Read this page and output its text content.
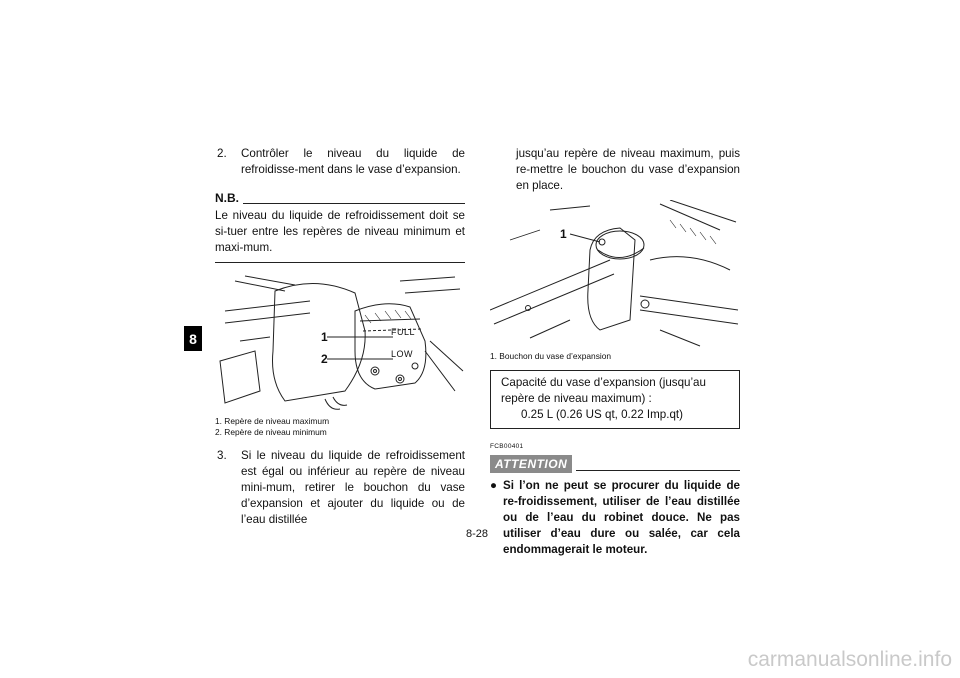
8
2.	Contrôler le niveau du liquide de refroidisse-ment dans le vase d’expansion.
N.B.
Le niveau du liquide de refroidissement doit se si-tuer entre les repères de niveau minimum et maxi-mum.
1
2
FULL
LOW
1. Repère de niveau maximum
2. Repère de niveau minimum
3.	Si le niveau du liquide de refroidissement est égal ou inférieur au repère de niveau mini-mum, retirer le bouchon du vase d’expansion et ajouter du liquide ou de l’eau distillée
jusqu’au repère de niveau maximum, puis re-mettre le bouchon du vase d’expansion en place.
1
1. Bouchon du vase d’expansion
Capacité du vase d’expansion (jusqu’au repère de niveau maximum) :
0.25 L (0.26 US qt, 0.22 Imp.qt)
FCB00401
ATTENTION
● Si l’on ne peut se procurer du liquide de re-froidissement, utiliser de l’eau distillée ou de l’eau du robinet douce. Ne pas utiliser d’eau dure ou salée, car cela endommagerait le moteur.
8-28
carmanualsonline.info
